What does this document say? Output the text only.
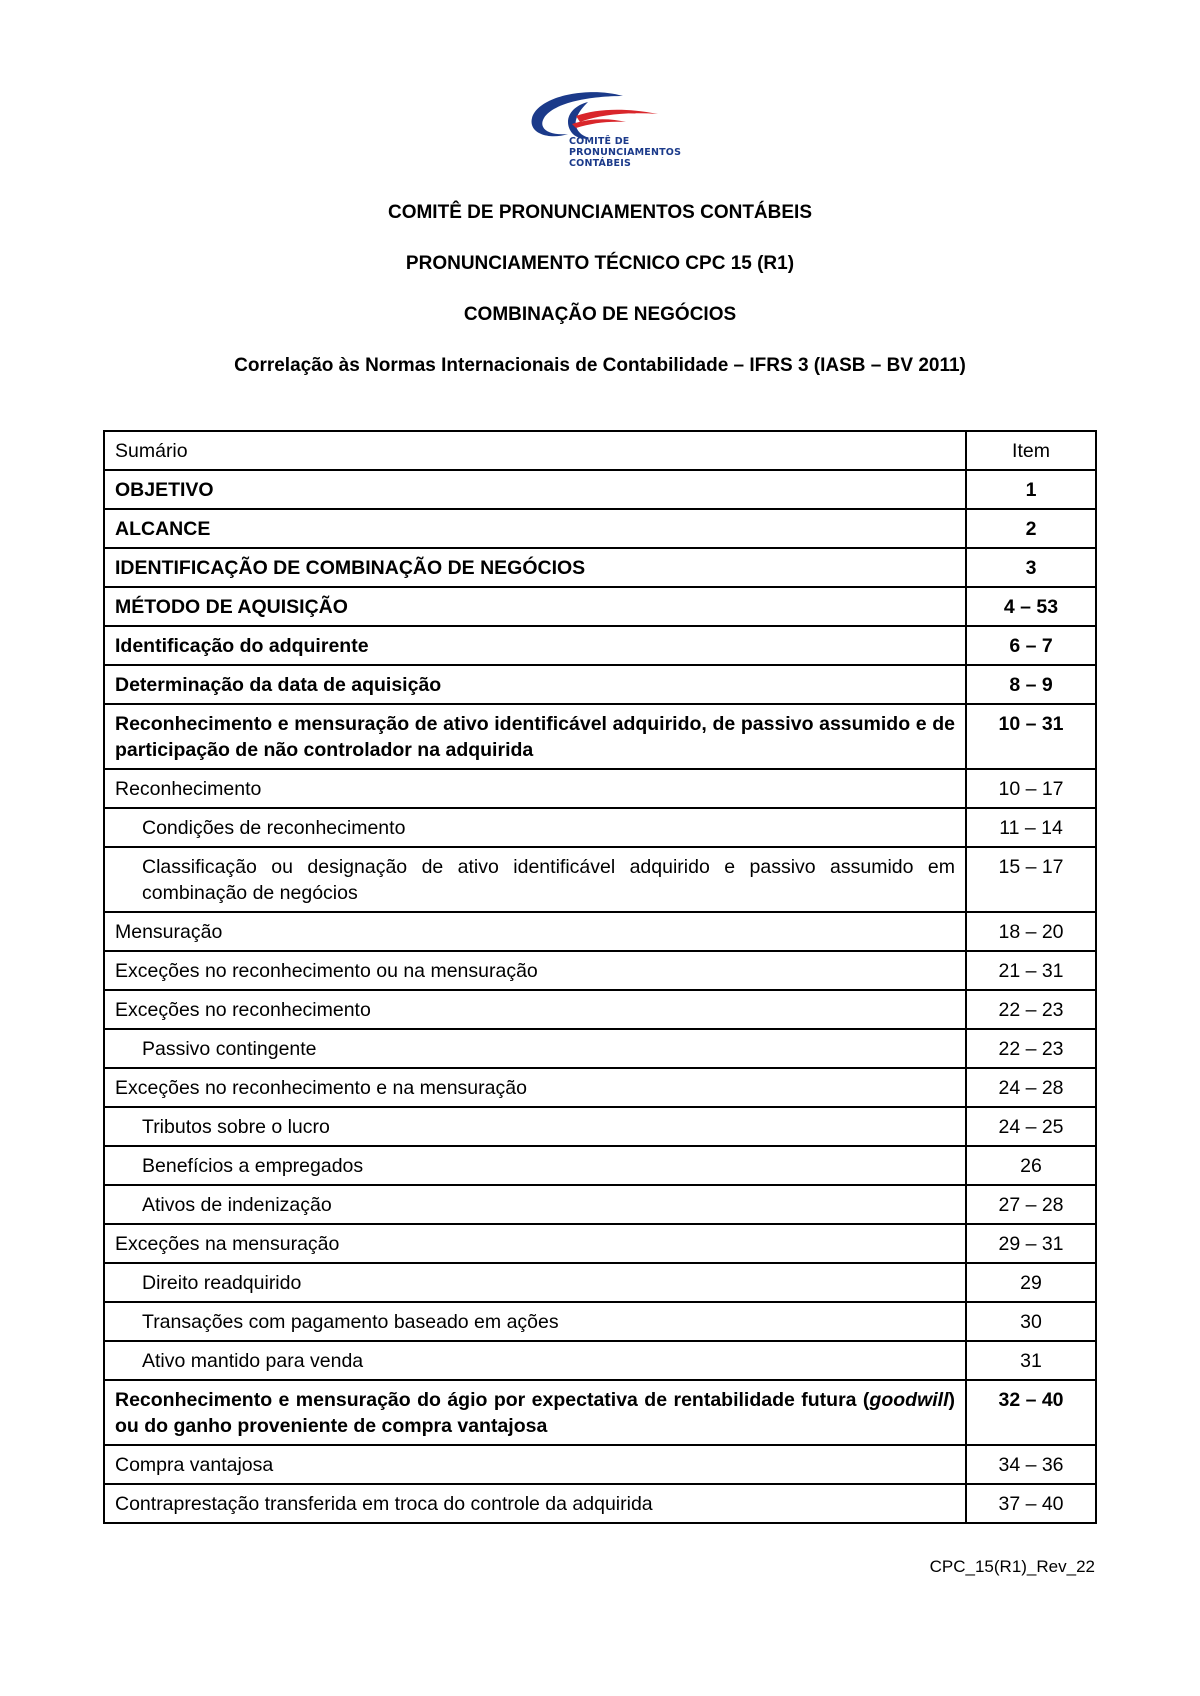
COMITÊ DE
PRONUNCIAMENTOS
CONTÁBEIS
COMITÊ DE PRONUNCIAMENTOS CONTÁBEIS
PRONUNCIAMENTO TÉCNICO CPC 15 (R1)
COMBINAÇÃO DE NEGÓCIOS
Correlação às Normas Internacionais de Contabilidade – IFRS 3 (IASB – BV 2011)
Sumário	Item
OBJETIVO	1
ALCANCE	2
IDENTIFICAÇÃO DE COMBINAÇÃO DE NEGÓCIOS	3
MÉTODO DE AQUISIÇÃO	4 – 53
Identificação do adquirente	6 – 7
Determinação da data de aquisição	8 – 9
Reconhecimento e mensuração de ativo identificável adquirido, de passivo assumido e de participação de não controlador na adquirida	10 – 31
Reconhecimento	10 – 17

Condições de reconhecimento	11 – 14

Classificação ou designação de ativo identificável adquirido e passivo assumido em combinação de negócios	15 – 17
Mensuração	18 – 20
Exceções no reconhecimento ou na mensuração	21 – 31
Exceções no reconhecimento	22 – 23

Passivo contingente	22 – 23
Exceções no reconhecimento e na mensuração	24 – 28

Tributos sobre o lucro	24 – 25

Benefícios a empregados	26

Ativos de indenização	27 – 28
Exceções na mensuração	29 – 31

Direito readquirido	29

Transações com pagamento baseado em ações	30

Ativo mantido para venda	31
Reconhecimento e mensuração do ágio por expectativa de rentabilidade futura (goodwill) ou do ganho proveniente de compra vantajosa	32 – 40
Compra vantajosa	34 – 36
Contraprestação transferida em troca do controle da adquirida	37 – 40
CPC_15(R1)_Rev_22
